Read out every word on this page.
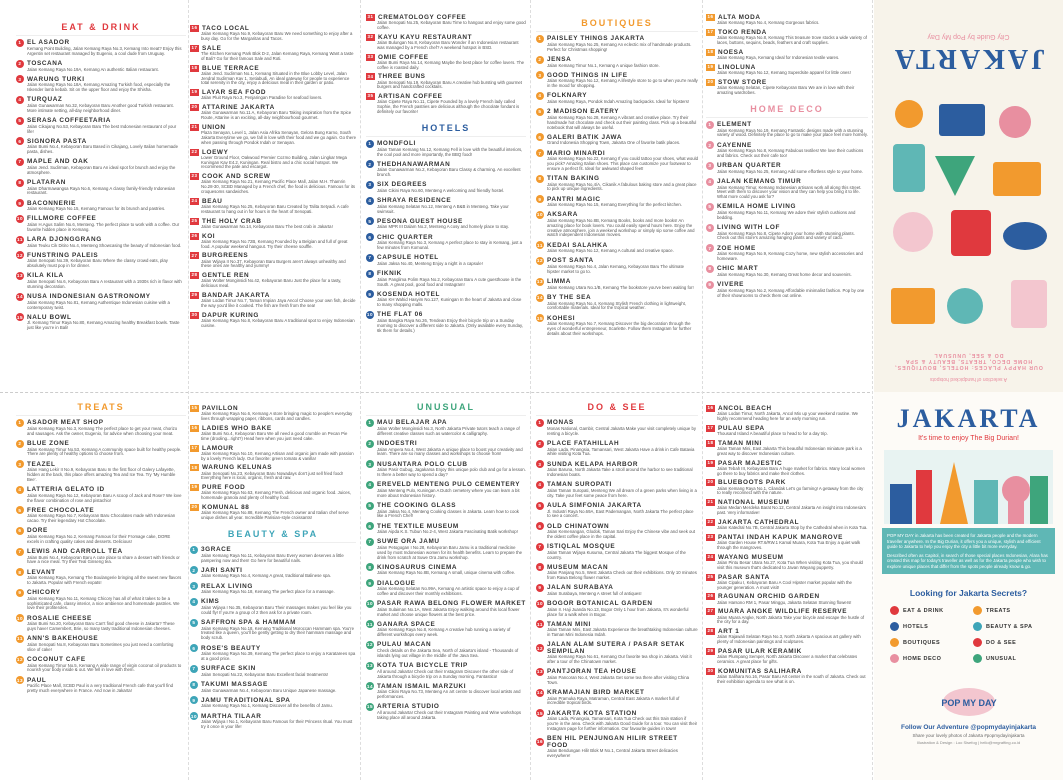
EAT & DRINK
1 EL ASADOR
Kemang Point Building, Jalan Kemang Raya No.3, Kemang Into meat? Enjoy this Argentin set restaurant managed by Eugenio, a cool dude from Uruguay.
2 TOSCANA
Jalan Kemang Raya No.19A, Kemang An authentic Italian restaurant.
3 WARUNG TURKI
Jalan Kemang Raya No.18A, Kemang Amazing Turkish food, especially the Iskender lamb kebab. Sit on the upper floor and enjoy the Shisha.
4 TURQUAZ
Jalan Gunawarman No.32, Kebayoran Baru Another good Turkish restaurant. More intimate setting, all-day neighborhood diner.
5 SERASA COFFEETARIA
Jalan Cikajang No.53, Kebayoran Baru The best Indonesian restaurant of your life!
6 SIGNORA PASTA
Jalan Bumi No.4, Kebayoran Baru Based in Cikajang, Lovely Italian homemade pasta, dishes.
7 MAPLE AND OAK
Jalan Jend. Sudirman, Kebayoran Baru An ideal spot for brunch and enjoy the atmosphere.
8 PLATARAN
Jalan Dharmawangsa Raya No.6, Kemang A classy family-friendly Indonesian restaurant.
9 BACONNERIE
Jalan Kemang Raya No.15, Kemang Famous for its brunch and pastries.
10 FILLMORE COFFEE
Jalan H.Agus Salim No.6, Menteng. The perfect place to work with a coffee. Our favorite hidden place in Kemang.
11 LARA DJONGGRANG
Jalan Teuku Cik Ditiro No.4, Menteng Showcasing the beauty of Indonesian food.
12 FUNSTRING PALEIS
Jalan Senopati No.39, Kebayoran Baru Where the classy crowd eats, play absolutely must pop in for dinner.
13 KILA KILA
Jalan Senopati No.6, Kebayoran Baru A restaurant with a 1930s rich in flavor with stunning decoration.
14 NUSA INDONESIAN GASTRONOMY
Jalan Kemang Raya No.81, Kemang Authentique Indonesian cuisine with a contemporary twist.
15 NALU BOWL
Jl. Kemang Timur Raya No.80, Kemang Amazing healthy Breakfast bowls. Taste just like you're in Bali!
16 TACO LOCAL
Jalan Kemang Raya No.9, Kebayoran Baru We need something to enjoy after a busy day. Go for the Margaritas and Tacos.
17 SALE
The Kitchen Kemang Park Blok D-2, Jalan Kemang Raya, Kemang Want a taste of Bali? Go for their famous Sale and Roti.
18 BLUE TERRACE
Jalan Jend. Sudirman No.1, Kemang Situated in the Blue Lobby Level, Jalan Jendral Sudirman Kav 1, Setiabudi. An ideal gateway for people to experience total serenity in the city, enjoy a delicious meal in their garden or patio.
19 LAYAR SEA FOOD
Jalan Pluit Raya No.3, Penjaringan Paradise for seafood lovers.
20 ATTARINE JAKARTA
Jalan Gunawarman No.11 A, Kebayoran Baru Taking inspiration from the Spice Route, Attarine is an exciting, all-day neighbourhood gourmet.
21 UNION
Plaza Senayan, Level 1, Jalan Asia Afrika Senayan, Gelora Bung Karno, South Jakarta Everytime we go, we fall in love with their food and we go again. Go there when passing through Pondok Indah or Senayan.
22 LOEWY
Lower Ground Floor, Oakwood Premier Cozmo Building, Jalan Lingkar Mega Kuningan Kav E4.2, Kuningan. Real bistro and a chic social hotspot. We recommend the pate and escargot.
23 COOK AND SCREW
Jalan Kemang Raya No.21, Kemang Pacific Place Mall, Jalan M.H. Thamrin No.28-30, SCBD Managed by a French chef, the food is delicious. Famous for its croquesoms sandwiches.
24 BEAU
Jalan Kemang Raya No.25, Kebayoran Baru Created by Talita Setyadi. A cafe restaurant to hang out in for hours in the heart of Senopati.
25 THE HOLY CRAB
Jalan Gunawarman No.14, Kebayoran Baru The best crab in Jakarta!
26 KOI
Jalan Kemang Raya No.72B, Kemang Founded by a Belgian and full of great food. A popular weekend hangout. Try their cheese souffle.
27 BURGREENS
Jalan Wijaya II No.37, Kebayoran Baru Burgers aren't always unhealthy and these ones are healthy and yummy!
28 GENTLE REN
Jalan Wolter Monginsidi No.42, Kebayoran Baru Just the place for a tasty, delicious meal.
29 BANDAR JAKARTA
Jalan Lodan Timur No.7, Taman Impian Jaya Ancol Choose your own fish, decide the way you'd like it cooked. The fish are fresh from the sea!
30 DAPUR KURING
Jalan Kemang Raya No.8, Kebayoran Baru A traditional spot to enjoy Indonesian cuisine.
31 CREMATOLOGY COFFEE
Jalan Senopati No.25, Kebayoran Baru Time to hangout and enjoy some good coffee.
32 KAYU KAYU RESTAURANT
Jalan Bulungan No.8, Kebayoran Baru Wonder if an Indonesian restaurant was managed by a French chef? A weekend hotspot in BSD.
33 OMIE COFFEE
Jalan Bumi Raya No.14, Kemang Maybe the best place for coffee lovers. The coffee is roasted daily.
34 THREE BUNS
Jalan Senopati No.19, Kebayoran Baru A creative hub bursting with gourmet burgers and handcrafted cocktails.
35 ARTISAN COFFEE
Jalan Cipete Raya No.11, Cipete Founded by a lovely French lady called Sophie, the French pastries are delicious although the chocolate fondant is definitely our favorite!
HOTELS
1 MONDFOLI
Jalan Taman Kemang No.12, Kemang Fell in love with the beautiful interiors, the cool pool and more importantly, the BBQ food!
2 THEDHANAWARMAN
Jalan Gunawarman No.2, Kebayoran Baru Classy & charming. An excellent brunch.
3 SIX DEGREES
Jalan Cikini Raya No.60, Menteng A welcoming and friendly hostel.
4 SHRAYA RESIDENCE
Jalan Kemang Selatan No.12, Menteng A B&B in Menteng. Take your swimsuit.
5 PESONA GUEST HOUSE
Jalan MPR III Dalam No.2, Menteng A cosy and homely place to stay.
6 CHIC QUARTER
Jalan Kemang Raya No.3, Kemang A perfect place to stay in Kemang, just a few minutes from Komunal.
7 CAPSULE HOTEL
Jalan Jaksa No.40, Menteng Enjoy a night in a capsule!
8 FIKNIK
Jalan Panglima Polim Raya No.2, Kebayoran Baru A cute guesthouse in the South. A great pool, good food and Instagram!
9 KOSENDA HOTEL
Jalan KH Wahid Hasyim No.127, Kuningan In the heart of Jakarta and close to many shopping malls.
10 THE FLAT 06
Jalan Bangka Raya No.26, Tendean Enjoy their bicycle trip on a Sunday morning to discover a different side to Jakarta. (Only available every Sunday, 6k them for details.)
BOUTIQUES
1 PAISLEY THINGS JAKARTA
Jalan Kemang Raya No.25, Kemang An eclectic mix of handmade products. Perfect for Christmas shopping!
2 JENSA
Jalan Kemang Timur No.1, Kemang A unique fashion store.
3 GOOD THINGS IN LIFE
Jalan Kemang Raya No.12, Kemang A lifestyle store to go to when you're really in the mood for shopping.
4 FOLKNARY
Jalan Kemang Raya, Pondok Indah Amazing backpacks. Ideal for hipsters!
5 2 MADISON EATERY
Jalan Kemang Raya No.28, Kemang A vibrant and creative place. Try their handmade hot chocolate and check out their painting class. Pick up a beautiful notebook that will always be useful.
6 GALERI BATIK JAWA
Grand Indonesia Shopping Town, Jakarta One of favorite batik places.
7 MARIO MINARDI
Jalan Kemang Raya No.22, Kemang If you could tattoo your shoes, what would you pick? Amazing Italian shoes. This place can customize your footwear to ensure a perfect fit. Ideal for awkward shaped feet!
8 TITAN BAKING
Jalan Kemang Raya No.4/A, Cikanik A fabulous baking store and a great place to pick up unique ingredients.
9 PANTRI MAGIC
Jalan Kemang Raya No.15, Kemang Everything for the perfect kitchen.
10 AKSARA
Jalan Kemang Raya No.8B, Kemang Books, books and more books! An amazing place for book lovers. You could easily spend hours here. Enjoy the creative atmosphere, join a weekend workshop or simply sip some coffee and watch independent Indonesian movies.
11 KEDAI SALAHKA
Jalan Kemang Raya No.12, Kemang A cultural and creative space.
12 POST SANTA
Jalan Kemang Raya No.4, Jalan Kemang, Kebayoran Baru The ultimate hipster market to go to.
13 LIMMA
Jalan Kemang Utara No.1/B, Kemang The bookstore you've been waiting for!
14 BY THE SEA
Jalan Kemang Raya No.4, Kemang Stylish French clothing in lightweight, comfortable materials. Ideal for the tropical weather.
15 KOHESI
Jalan Kemang Raya No.7, Kemang Discover the big decoration through the eyes of wonderful entrepreneur, Scarlette. Follow them Instagram for further details about their workshops.
16 ALTA MODA
Jalan Kemang Raya No.4, Kemang Gorgeous fabrics.
17 TOKO RENDA
Jalan Kemang Raya No.8, Kemang This treasure trove stocks a wide variety of laces, buttons, sequins, beads, feathers and craft supplies.
18 NOESA
Jalan Kemang Raya, Kemang Ideal for Indonesian textile wares.
19 LINOLUNA
Jalan Kemang Raya No.12, Kemang Superdsite apparel for little ones!
20 STOW STORE
Jalan Kemang Selatan, Cipete Kebayoran Baru We are in love with their amazing wardrobes.
HOME DECO
1 ELEMENT
Jalan Kemang Raya No.19, Kemang Fantastic designs made with a stunning variety of wood. Definitely the place to go to make your place feel more homely.
2 CAYENNE
Jalan Kemang Raya No.8, Kemang Fabulous textiles! We love their cushions and fabrics. Check out their cafe too!
3 URBAN QUARTER
Jalan Kemang Raya No.25, Kemang Add some effortless style to your home.
4 JALAN KEMANG TIMUR
Jalan Kemang Timur, Kemang Indonesian artisans work all along this street. Meet with them to discover your vision and they can help you bring it to life. What more could you ask for?
5 KEMILA HOME LIVING
Jalan Kemang Raya No.11, Kemang We adore their stylish cushions and bedding.
6 LIVING WITH LOF
Jalan Kemang Raya No.8, Cipete Adorn your home with stunning plants. Check out this store's amazing hanging plants and variety of cacti.
7 ZOE HOME
Jalan Kemang Raya No.9, Kemang Cozy home, new stylish accessories and homeware.
8 CHIC MART
Jalan Kemang Raya No.30, Kemang Great home decor and souvenirs.
9 VIVERE
Jalan Kemang Raya No.2, Kemang Affordable minimalist fashion. Pop by one of their showrooms to check them out online.
TREATS
1 ASADOR MEAT SHOP
Jalan Kemang Raya No.3, Kemang The perfect place to get your meat, chorizo and sausages. Ask the owner, Eugenio, for advice when choosing your meat.
2 BLUE ZONE
Jalan Kemang Timur No.53, Kemang A community space built for healthy people. There are plenty of healthy options to choose from.
3 TEAZEL
Jalan Hang Lekir II No.9, Kebayoran Baru In the first floor of Galery Lafayette, hidden at the back, this place offers amazing Tea and Ice Tea. Try 'My Humble Bee'.
4 LATTERIA GELATO ID
Jalan Kemang Raya No.12, Kebayoran Baru A scoop of Jack and Rose? We love the flavor combination of rose and pistachio!
5 FREE CHOCOLATE
Jalan Kemang Raya No.7, Kebayoran Baru Chocolates made with Indonesian cacao. Try their legendary Hot Chocolate.
6 DORE
Jalan Kemang Raya No.2, Kemang Famous for their Fromage cake, DORE excels in crafting quality cakes and desserts. Delicious!
7 LEWIS AND CARROLL TEA
Jalan Bumi No.4, Kebayoran Baru A cute place to share a dessert with friends or have a nice meal. Try their Teal Ginseng tea.
8 LEVANT
Jalan Kemang Raya, Kemang The Boulangerie bringing all the sweet new flavors to Jakarta. Popular with French expats!
9 CHICORY
Jalan Kemang Raya No.11, Kemang Chicory has all of what it takes to be a sophisticated cafe, classy interior, a nice ambience and homemade pastries. We love their profiteroles.
10 ROSALIE CHEESE
Jalan Bumi No.20, Kebayoran Baru Can't find good cheese in Jakarta? These guys have! Camembert, Brie, so many tasty traditional Indonesian cheeses.
11 ANN'S BAKEHOUSE
Jalan Senopati No.8, Kebayoran Baru Sometimes you just need a comforting slice of cake!
12 COCONUT CAFE
Jalan Kemang Timur No.5, Kemang A wide range of virgin coconut oil products to nourish your body inside & out. We fell in love with them.
13 PAUL
Pacific Place Mall, SCBD Paul is a very traditional French cafe that you'll find pretty much everywhere in France. And now in Jakarta!
15 PAVILLON
Jalan Kemang Raya No.6, Kemang A store bringing magic to people's everyday lives through wrapping paper, ribbons, cards and candles.
16 LADIES WHO BAKE
Jalan Bumi No.4, Kebayoran Baru We all need a good crumble on Pecan Pie time (drooling...right?) Head here when you just need cake.
17 LAMOUR
Jalan Kemang Raya No.10, Kemang Artisan and organic jam made with passion by a lovely French lady. Our favorite: green tomato & vanilla!
18 WARUNG KELUNAS
Jalan Senopati No.23, Kebayoran Baru Nowadays don't just sell fried food! Everything here is local, organic, fresh and raw.
19 PURE FOOD
Jalan Kemang Raya No.63, Kemang Fresh, delicious and organic food. Juices, homemade granola and plenty of healthy food.
20 KOMUNAL 88
Jalan Kemang Raya No.88, Kemang The French owner and Italian chef serve unique dishes all year. Incredible Parisian-style croissants!
BEAUTY & SPA
1 3GRACE
Jalan Kemang Raya No.11, Kebayoran Baru Every women deserves a little pampering now and then! Go here for beautiful nails.
2 JARI SANTI
Jalan Kemang Raya No.4, Kemang A great, traditional Balinese spa.
3 RELAX LIVING
Jalan Kemang Raya No.18, Kemang The perfect place for a massage.
4 KIMS
Jalan Wijaya I No.35, Kebayoran Baru Their massages makes you feel like you could fly! If you're a group of 2 then ask for a private room.
5 SAFFRON SPA & HAMMAM
Jalan Kemang Raya No.18, Kemang Traditional Moroccan Hammam spa. You're treated like a queen, you'll be gently getting to dry their hammam massage and body scrub.
6 ROSE'S BEAUTY
Jalan Kemang Raya No.39, Kemang The perfect place to enjoy a Karatarees spa at a good price.
7 SURFACE SKIN
Jalan Senopati No.22, Kebayoran Baru Excellent facial treatments!
8 TAKUMI MASSAGE
Jalan Gunawarman No.4, Kebayoran Baru Unique Japanese massage.
9 JAMU TRADITIONAL SPA
Jalan Kemang Raya No.1, Kemang Discover all the benefits of Jamu.
10 MARTHA TILAAR
Jalan Wijaya I No.1, Kebayoran Baru Famous for their Princess ritual. You must try it once in your life!
UNUSUAL
1 MAU BELAJAR APA
Jalan Wolter Monginsidi No.3, North Jakarta Private tutors teach a range of different creative classes such as watercolor & calligraphy.
2 INDOESTRI
Jalan Ampera No.4, West Jakarta A unique place to boost your creativity and learn. There are so many classes and workshops to choose from!
3 NUSANTARA POLO CLUB
Jalan Pasir Gubug, Jagakarsa Enjoy this unique polo club and go for a lesson. Is there a better way to spend a day?
4 EREVELD MENTENG PULO CEMENTERY
Jalan Menteng Pulo, Kuningan A Dutch cemetery where you can learn a bit more about Indonesian history.
5 THE COOKING GLASS
Jalan Jaksa No.4, Menteng Cooking classes in Jakarta. Learn how to cook like a French Chef!
6 THE TEXTILE MUSEUM
Jalan Aipda K.S. Tubun No.2-4, West Jakarta Fascinating Batik workshop!
7 SUWE ORA JAMU
Jalan Petogogan I No.28, Kebayoran Baru Jamu is a traditional medicine used by most Indonesian women for its health benefits. Learn to prepare the drink from scratch at Suwe Ora Jamu workshop.
8 KINOSAURUS CINEMA
Jalan Kemang Raya No.8B, Kemang A small, unique cinema with coffee.
9 DIALOGUE
Jalan Kemang Selatan No.99A, Kemang An artistic space to enjoy a cup of coffee and discover their monthly exhibitions.
10 PASAR RAWA BELONG FLOWER MARKET
Jalan Sulaiman No.1A, West Jakarta Enjoy walking around this local flower market and choose unique flowers at the best price.
11 GANARA SPACE
Jalan Kemang Raya No.8, Kemang A creative hub running a variety of different workshops every week.
12 PULAU MACAN
Check details on the Jakarta Sea, North of Jakarta's island - Thousands of islands lying out village in the middle of the Java Sea.
13 KOTA TUA BICYCLE TRIP
All around Jakarta! Check out their Instagram Discover the other side of Jakarta through a bicycle trip on a Sunday morning. Fantastico!
14 TAMAN ISMAIL MARZUKI
Jalan Cikini Raya No.73, Menteng An art centre to discover local artists and performances.
15 ARTERIA STUDIO
All around Jakarta! Check out their Instagram Painting and Wine workshops taking place all around Jakarta.
DO & SEE
1 MONAS
Monas National, Gambir, Central Jakarta Make your visit completely unique by renting a bicycle.
2 PLACE FATAHILLAH
Jalan Lada, Pinangsia, Tamansari, West Jakarta Have a drink in Cafe Batavia while visiting Kota Tua.
3 SUNDA KELAPA HARBOR
Jalan Baruna, North Jakarta Take a stroll around the harbor to see traditional Indonesian boats.
4 TAMAN SUROPATI
Jalan Taman Suropati, Menteng We all dream of a green parks when living in a city. Take your feet some peace from here.
5 AULA SIMFONIA JAKARTA
Jl. Industri Raya No.69A, East Pademangan, North Jakarta The perfect place to see a concert.
6 OLD CHINATOWN
Jalan Kemenangan, Glodok, Taman Sari Enjoy the Chinese vibe and seek out the oldest coffee place in the capital.
7 ISTIQLAL MOSQUE
Jalan Taman Wijaya Kusuma, Central Jakarta The biggest Mosque of the country.
8 MUSEUM MACAN
Jalan Panjang No.5, West Jakarta Check out their exhibitions. Only 10 minutes from Rawa Belong flower market.
9 JALAN SURABAYA
Jalan Surabaya, Menteng A street full of antiques!
10 BOGOR BOTANICAL GARDEN
Jalan Ir. Haji Juanda No.13, Bogor Only 1 hour from Jakarta, It's wonderful place for a walk when in Bogor.
11 TAMAN MINI
Jalan Taman Mini, East Jakarta Experience the breathtaking Indonesian culture in Taman Mini Indonesia Indah.
12
JALAN ALAM SUTERA / PASAR SETAK SEMPILAN
Jalan Kemang Raya No.61, Kemang Our favorite tea shop in Jakarta. Visit it after a tour of the Chinatown market.
13 PANTJORAN TEA HOUSE
Jalan Pancoran No.4, West Jakarta Get some tea there after visiting China Town.
14 KRAMAJIAN BIRD MARKET
Jalan Pramuka Raya, Matraman, Central East Jakarta A market full of incredible tropical birds.
15 JAKARTA KOTA STATION
Jalan Lada, Pinangsia, Tamansari, Kota Tua Check out this train station if you're in the area. Check with Jakarta Good Guide for a tour. You can visit their Instagram page for further information. Our favourite guides in town!
16
BEN HIL PENJUNGAN HILIR STREET FOOD
Jalan Bendungan Hilir Blok M No.1, Central Jakarta Street delicacies everywhere!
16 ANCOL BEACH
Jalan Lodan Timur, North Jakarta, Ancol Mix up your weekend routine. We highly recommend heading here for an early morning run.
17 PULAU SEPA
Thousand Island A beautiful place to head to for a day trip.
18 TAMAN MINI
Jalan Taman Mini, East Jakarta This beautiful Indonesian miniature park is a great way to discover Indonesian culture.
19 PASAR MAJESTIC
Jalan Tebah III, Kebayoran Baru A huge market for fabrics. Many local women go there to buy fabrics and make their clothes.
20 BLUEBOOTS PARK
Jalan Kemang Raya No.1, Cilandak Let's go farming! A getaway from the city to really reconnect with the nature.
21 NATIONAL MUSEUM
Jalan Medan Merdeka Barat No.12, Central Jakarta An insight into Indonesia's past. Very informative!
22 JAKARTA CATHEDRAL
Jalan Katedral No.7B, Central Jakarta Stop by the Cathedral when in Kota Tua.
23 PANTAI INDAH KAPUK MANGROVE
Jalan Garden House RT.6/RW.1 Kamal Muara, Kota Tua Enjoy a quiet walk through the mangroves.
24 WAYANG MUSEUM
Jalan Pintu Besar Utara No.27, Kota Tua When visiting Kota Tua, you should visit this museum that's dedicated to Javan Wayang puppetry.
25 PASAR SANTA
Jalan Cipaku I, Kebayoran Baru A Cool Hipster market popular with the younger generation. A must visit!
26 RAGUNAN ORCHID GARDEN
Jalan Harsono RM 1, Pasar Minggu, Jakarta Selatan Stunning flowers!
27 MUARA ANGKE WILDLIFE RESERVE
Jalan Muara Angke, North Jakarta Take your bicycle and escape the hustle of the city for a day.
28 ART 1
Jalan Rajawali Selatan Raya No.3, North Jakarta A spacious art gallery with plenty of Indonesian paintings and sculptures.
29 PASAR ULAR KERAMIK
Jalan Plumpang Semper, North Jakarta Discover a market that celebrates ceramics. A great place for gifts.
30 KOMUNITAS SALIHARA
Jalan Salihara No.16, Pasar Baru Art center in the south of Jakarta. Check out their exhibition agenda to see what is on.
A selection of handpicked hotspots
OUR HAPPY PLACES: HOTELS, BOUTIQUES,
HOME DECO, TREATS, BEAUTY & SPA
DO & SEE, UNUSUAL
JAKARTA
City Guide by Pop My Day
JAKARTA
It's time to enjoy The Big Durian!
POP MY DAY in Jakarta has been created for Jakarta people and the modern traveller anywhere. In the Big Durian, it offers you a unique, stylish and efficient guide to Jakarta to help you enjoy the city a little bit more everyday.
Described often as Capitol, in search of those special places Indonesian, Alara has created this map for today's traveller as well as for the Jakarta people who wish to explore unique places that differ from the spots people already know & go.
Looking for Jakarta Secrets?
EAT & DRINK	TREATS
HOTELS	BEAUTY & SPA
BOUTIQUES	DO & SEE
HOME DECO	UNUSUAL
POP MY DAY
Follow Our Adventure @popmydayinjakarta
Share your lovely photos of Jakarta #popmydayinjakarta
Illustration & Design : Loo Sisefog | hello@mrgrafting.co.id
